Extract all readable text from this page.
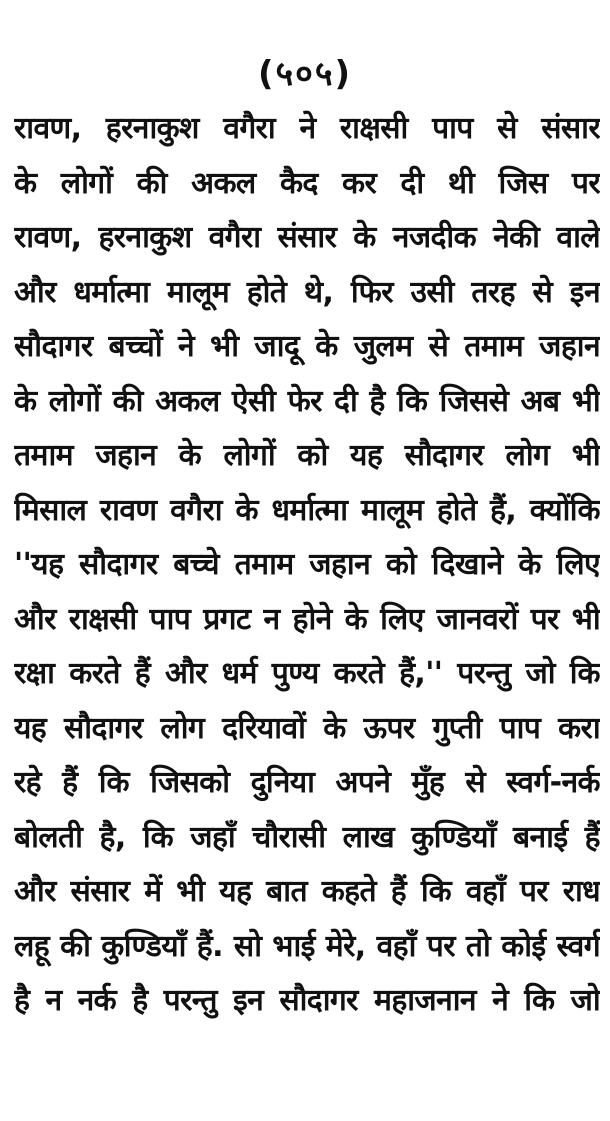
(५०५)
रावण, हरनाकुश वगैरा ने राक्षसी पाप से संसार
के लोगों की अकल कैद कर दी थी जिस पर
रावण, हरनाकुश वगैरा संसार के नजदीक नेकी वाले
और धर्मात्मा मालूम होते थे, फिर उसी तरह से इन
सौदागर बच्चों ने भी जादू के जुलम से तमाम जहान
के लोगों की अकल ऐसी फेर दी है कि जिससे अब भी
तमाम जहान के लोगों को यह सौदागर लोग भी
मिसाल रावण वगैरा के धर्मात्मा मालूम होते हैं, क्योंकि
''यह सौदागर बच्चे तमाम जहान को दिखाने के लिए
और राक्षसी पाप प्रगट न होने के लिए जानवरों पर भी
रक्षा करते हैं और धर्म पुण्य करते हैं,'' परन्तु जो कि
यह सौदागर लोग दरियावों के ऊपर गुप्ती पाप करा
रहे हैं कि जिसको दुनिया अपने मुँह से स्वर्ग-नर्क
बोलती है, कि जहाँ चौरासी लाख कुण्डियाँ बनाई हैं
और संसार में भी यह बात कहते हैं कि वहाँ पर राध
लहू की कुण्डियाँ हैं. सो भाई मेरे, वहाँ पर तो कोई स्वर्ग
है न नर्क है परन्तु इन सौदागर महाजनान ने कि जो
